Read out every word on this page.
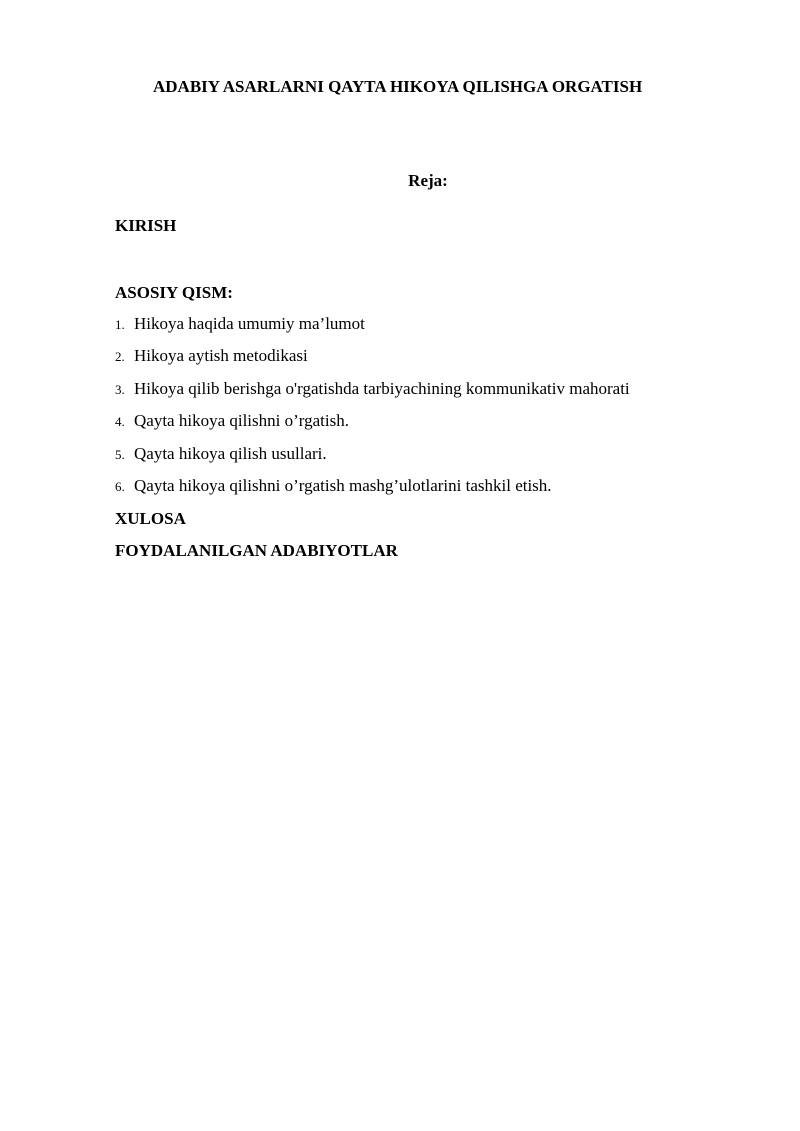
ADABIY ASARLARNI QAYTA HIKOYA QILISHGA ORGATISH

Reja:

KIRISH

ASOSIY QISM:

1. Hikoya haqida umumiy ma’lumot
2. Hikoya aytish metodikasi
3. Hikoya qilib berishga o'rgatishda tarbiyachining kommunikativ mahorati
4. Qayta hikoya qilishni o’rgatish.
5. Qayta hikoya qilish usullari.
6. Qayta hikoya qilishni o’rgatish mashg’ulotlarini tashkil etish.

XULOSA

FOYDALANILGAN ADABIYOTLAR
